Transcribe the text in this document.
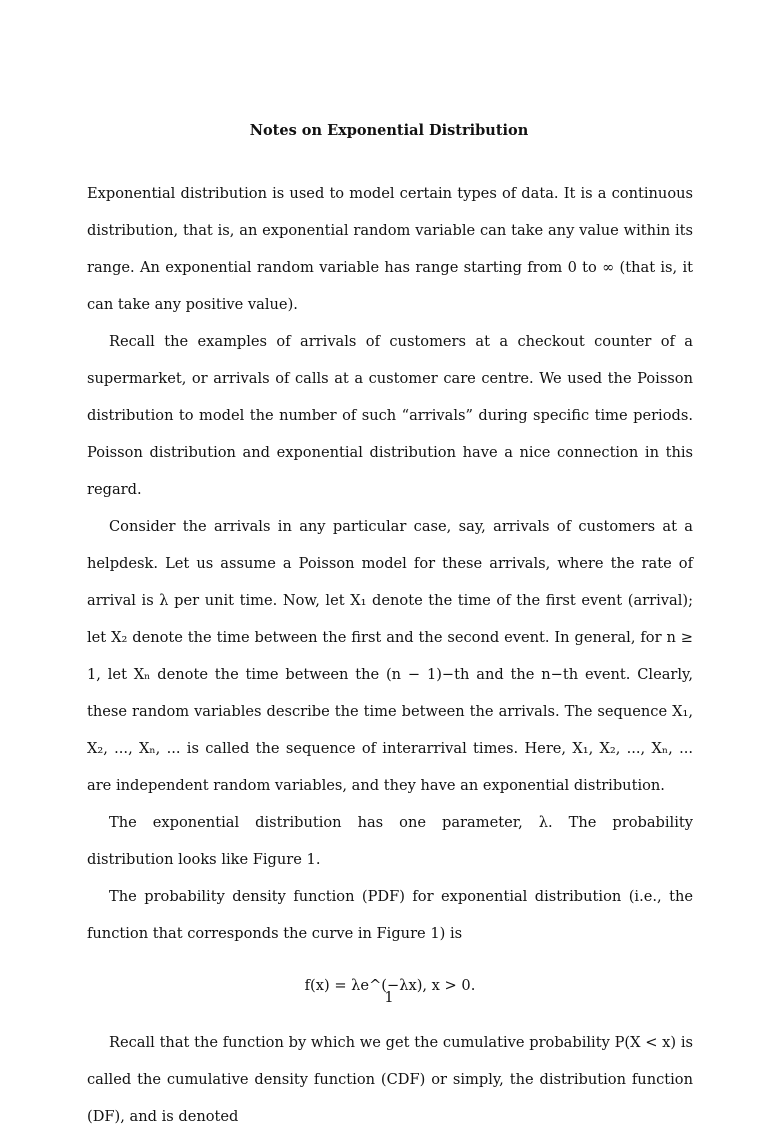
Notes on Exponential Distribution

Exponential distribution is used to model certain types of data. It is a continuous distribution, that is, an exponential random variable can take any value within its range. An exponential random variable has range starting from 0 to ∞ (that is, it can take any positive value).

Recall the examples of arrivals of customers at a checkout counter of a supermarket, or arrivals of calls at a customer care centre. We used the Poisson distribution to model the number of such “arrivals” during specific time periods. Poisson distribution and exponential distribution have a nice connection in this regard.

Consider the arrivals in any particular case, say, arrivals of customers at a helpdesk. Let us assume a Poisson model for these arrivals, where the rate of arrival is λ per unit time. Now, let X₁ denote the time of the first event (arrival); let X₂ denote the time between the first and the second event. In general, for n ≥ 1, let Xₙ denote the time between the (n − 1)−th and the n−th event. Clearly, these random variables describe the time between the arrivals. The sequence X₁, X₂, ..., Xₙ, ... is called the sequence of interarrival times. Here, X₁, X₂, ..., Xₙ, ... are independent random variables, and they have an exponential distribution.

The exponential distribution has one parameter, λ. The probability distribution looks like Figure 1.

The probability density function (PDF) for exponential distribution (i.e., the function that corresponds the curve in Figure 1) is

f(x) = λe^(−λx), x > 0.

Recall that the function by which we get the cumulative probability P(X < x) is called the cumulative density function (CDF) or simply, the distribution function (DF), and is denoted

1
